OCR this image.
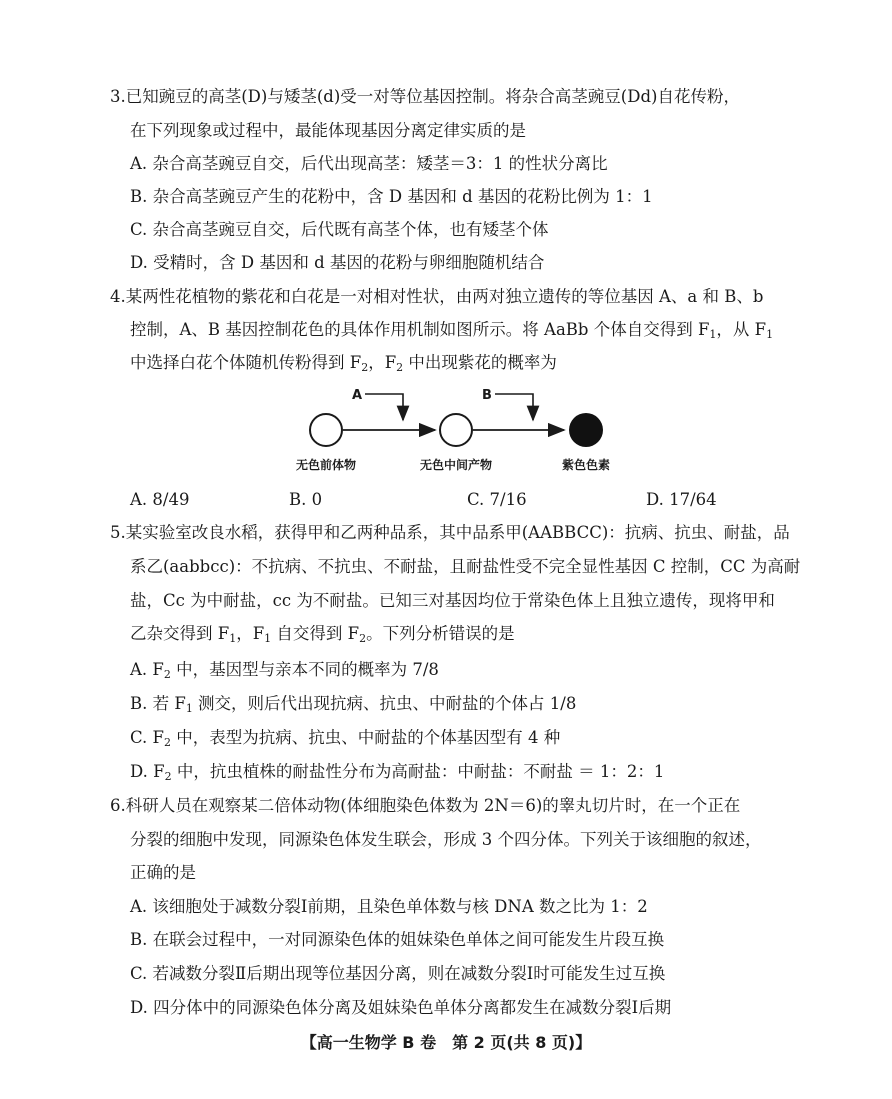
3.已知豌豆的高茎(D)与矮茎(d)受一对等位基因控制。将杂合高茎豌豆(Dd)自花传粉，
在下列现象或过程中，最能体现基因分离定律实质的是
A. 杂合高茎豌豆自交，后代出现高茎：矮茎＝3：1 的性状分离比
B. 杂合高茎豌豆产生的花粉中，含 D 基因和 d 基因的花粉比例为 1：1
C. 杂合高茎豌豆自交，后代既有高茎个体，也有矮茎个体
D. 受精时，含 D 基因和 d 基因的花粉与卵细胞随机结合
4.某两性花植物的紫花和白花是一对相对性状，由两对独立遗传的等位基因 A、a 和 B、b
控制，A、B 基因控制花色的具体作用机制如图所示。将 AaBb 个体自交得到 $F_1$，从 $F_1$
中选择白花个体随机传粉得到 $F_2$，$F_2$ 中出现紫花的概率为
A	B
无色前体物	无色中间产物	紫色色素
A. 8/49	B. 0	C. 7/16	D. 17/64
5.某实验室改良水稻，获得甲和乙两种品系，其中品系甲(AABBCC)：抗病、抗虫、耐盐，品
系乙(aabbcc)：不抗病、不抗虫、不耐盐，且耐盐性受不完全显性基因 C 控制，CC 为高耐
盐，Cc 为中耐盐，cc 为不耐盐。已知三对基因均位于常染色体上且独立遗传，现将甲和
乙杂交得到 $F_1$，$F_1$ 自交得到 $F_2$。下列分析错误的是
A. $F_2$ 中，基因型与亲本不同的概率为 7/8
B. 若 $F_1$ 测交，则后代出现抗病、抗虫、中耐盐的个体占 1/8
C. $F_2$ 中，表型为抗病、抗虫、中耐盐的个体基因型有 4 种
D. $F_2$ 中，抗虫植株的耐盐性分布为高耐盐：中耐盐：不耐盐 ＝ 1：2：1
6.科研人员在观察某二倍体动物(体细胞染色体数为 2N＝6)的睾丸切片时，在一个正在
分裂的细胞中发现，同源染色体发生联会，形成 3 个四分体。下列关于该细胞的叙述，
正确的是
A. 该细胞处于减数分裂Ⅰ前期，且染色单体数与核 DNA 数之比为 1：2
B. 在联会过程中，一对同源染色体的姐妹染色单体之间可能发生片段互换
C. 若减数分裂Ⅱ后期出现等位基因分离，则在减数分裂Ⅰ时可能发生过互换
D. 四分体中的同源染色体分离及姐妹染色单体分离都发生在减数分裂Ⅰ后期
【高一生物学 B 卷　第 2 页(共 8 页)】
